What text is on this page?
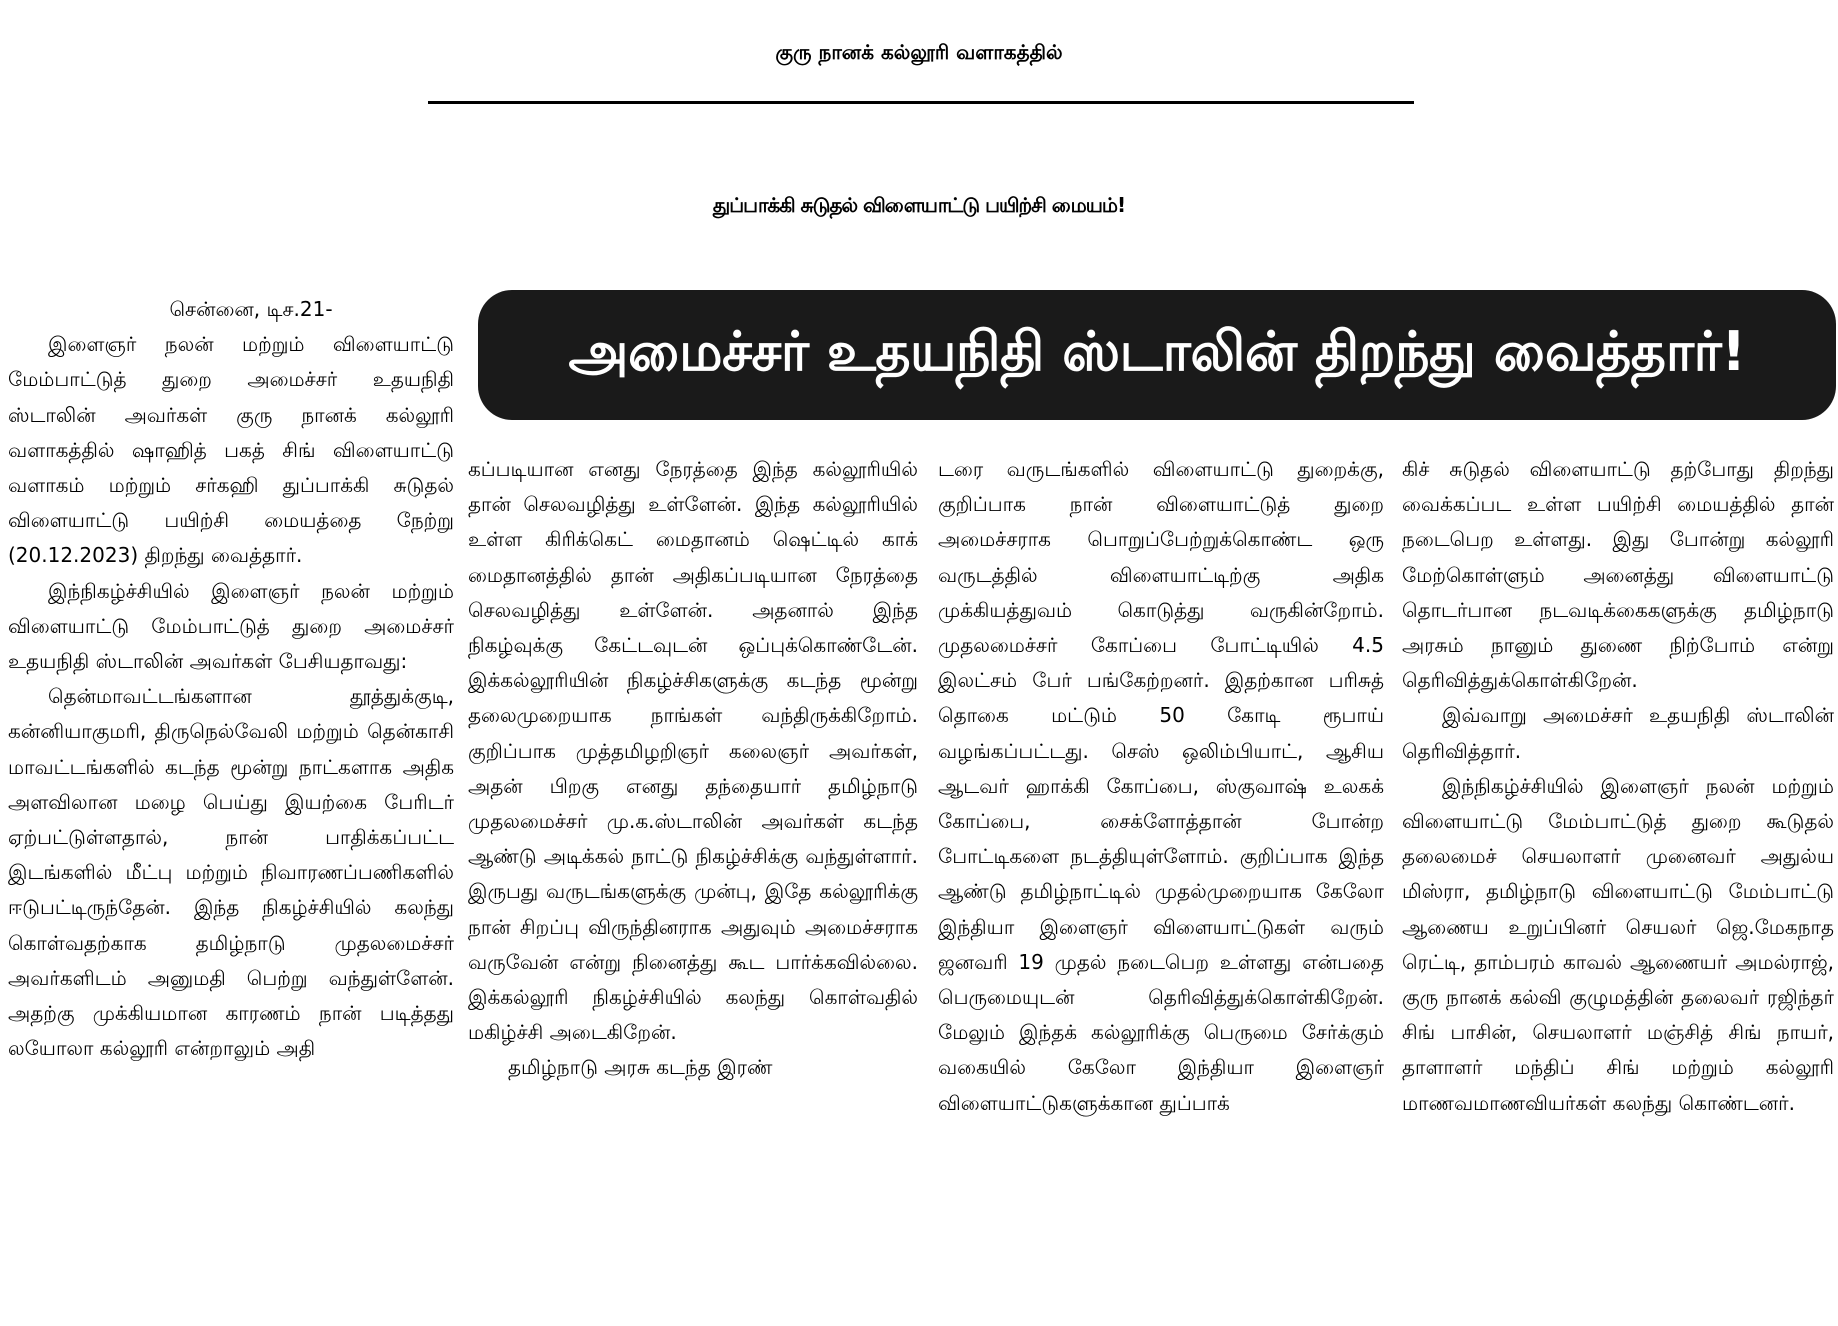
குரு நானக் கல்லூரி வளாகத்தில்
துப்பாக்கி சுடுதல் விளையாட்டு பயிற்சி மையம்!
அமைச்சர் உதயநிதி ஸ்டாலின் திறந்து வைத்தார்!
சென்னை, டிச.21-

இளைஞர் நலன் மற்றும் விளையாட்டு மேம்பாட்டுத் துறை அமைச்சர் உதயநிதி ஸ்டாலின் அவர்கள் குரு நானக் கல்லூரி வளாகத்தில் ஷாஹித் பகத் சிங் விளையாட்டு வளாகம் மற்றும் சர்கஹி துப்பாக்கி சுடுதல் விளையாட்டு பயிற்சி மையத்தை நேற்று (20.12.2023) திறந்து வைத்தார்.

இந்நிகழ்ச்சியில் இளைஞர் நலன் மற்றும் விளையாட்டு மேம்பாட்டுத் துறை அமைச்சர் உதயநிதி ஸ்டாலின் அவர்கள் பேசியதாவது:

தென்மாவட்டங்களான தூத்துக்குடி, கன்னியாகுமரி, திருநெல்வேலி மற்றும் தென்காசி மாவட்டங்களில் கடந்த மூன்று நாட்களாக அதிக அளவிலான மழை பெய்து இயற்கை பேரிடர் ஏற்பட்டுள்ளதால், நான் பாதிக்கப்பட்ட இடங்களில் மீட்பு மற்றும் நிவாரணப்பணிகளில் ஈடுபட்டிருந்தேன். இந்த நிகழ்ச்சியில் கலந்து கொள்வதற்காக தமிழ்நாடு முதலமைச்சர் அவர்களிடம் அனுமதி பெற்று வந்துள்ளேன். அதற்கு முக்கியமான காரணம் நான் படித்தது லயோலா கல்லூரி என்றாலும் அதி

கப்படியான எனது நேரத்தை இந்த கல்லூரியில் தான் செலவழித்து உள்ளேன். இந்த கல்லூரியில் உள்ள கிரிக்கெட் மைதானம் ஷெட்டில் காக் மைதானத்தில் தான் அதிகப்படியான நேரத்தை செலவழித்து உள்ளேன். அதனால் இந்த நிகழ்வுக்கு கேட்டவுடன் ஒப்புக்கொண்டேன். இக்கல்லூரியின் நிகழ்ச்சிகளுக்கு கடந்த மூன்று தலைமுறையாக நாங்கள் வந்திருக்கிறோம். குறிப்பாக முத்தமிழறிஞர் கலைஞர் அவர்கள், அதன் பிறகு எனது தந்தையார் தமிழ்நாடு முதலமைச்சர் மு.க.ஸ்டாலின் அவர்கள் கடந்த ஆண்டு அடிக்கல் நாட்டு நிகழ்ச்சிக்கு வந்துள்ளார். இருபது வருடங்களுக்கு முன்பு, இதே கல்லூரிக்கு நான் சிறப்பு விருந்தினராக அதுவும் அமைச்சராக வருவேன் என்று நினைத்து கூட பார்க்கவில்லை. இக்கல்லூரி நிகழ்ச்சியில் கலந்து கொள்வதில் மகிழ்ச்சி அடைகிறேன்.

தமிழ்நாடு அரசு கடந்த இரண்

டரை வருடங்களில் விளையாட்டு துறைக்கு, குறிப்பாக நான் விளையாட்டுத் துறை அமைச்சராக பொறுப்பேற்றுக்கொண்ட ஒரு வருடத்தில் விளையாட்டிற்கு அதிக முக்கியத்துவம் கொடுத்து வருகின்றோம். முதலமைச்சர் கோப்பை போட்டியில் 4.5 இலட்சம் பேர் பங்கேற்றனர். இதற்கான பரிசுத் தொகை மட்டும் 50 கோடி ரூபாய் வழங்கப்பட்டது. செஸ் ஒலிம்பியாட், ஆசிய ஆடவர் ஹாக்கி கோப்பை, ஸ்குவாஷ் உலகக் கோப்பை, சைக்ளோத்தான் போன்ற போட்டிகளை நடத்தியுள்ளோம். குறிப்பாக இந்த ஆண்டு தமிழ்நாட்டில் முதல்முறையாக கேலோ இந்தியா இளைஞர் விளையாட்டுகள் வரும் ஜனவரி 19 முதல் நடைபெற உள்ளது என்பதை பெருமையுடன் தெரிவித்துக்கொள்கிறேன். மேலும் இந்தக் கல்லூரிக்கு பெருமை சேர்க்கும் வகையில் கேலோ இந்தியா இளைஞர் விளையாட்டுகளுக்கான துப்பாக்

கிச் சுடுதல் விளையாட்டு தற்போது திறந்து வைக்கப்பட உள்ள பயிற்சி மையத்தில் தான் நடைபெற உள்ளது. இது போன்று கல்லூரி மேற்கொள்ளும் அனைத்து விளையாட்டு தொடர்பான நடவடிக்கைகளுக்கு தமிழ்நாடு அரசும் நானும் துணை நிற்போம் என்று தெரிவித்துக்கொள்கிறேன்.

இவ்வாறு அமைச்சர் உதயநிதி ஸ்டாலின் தெரிவித்தார்.

இந்நிகழ்ச்சியில் இளைஞர் நலன் மற்றும் விளையாட்டு மேம்பாட்டுத் துறை கூடுதல் தலைமைச் செயலாளர் முனைவர் அதுல்ய மிஸ்ரா, தமிழ்நாடு விளையாட்டு மேம்பாட்டு ஆணைய உறுப்பினர் செயலர் ஜெ.மேகநாத ரெட்டி, தாம்பரம் காவல் ஆணையர் அமல்ராஜ், குரு நானக் கல்வி குழுமத்தின் தலைவர் ரஜிந்தர் சிங் பாசின், செயலாளர் மஞ்சித் சிங் நாயர், தாளாளர் மந்திப் சிங் மற்றும் கல்லூரி மாணவமாணவியர்கள் கலந்து கொண்டனர்.
